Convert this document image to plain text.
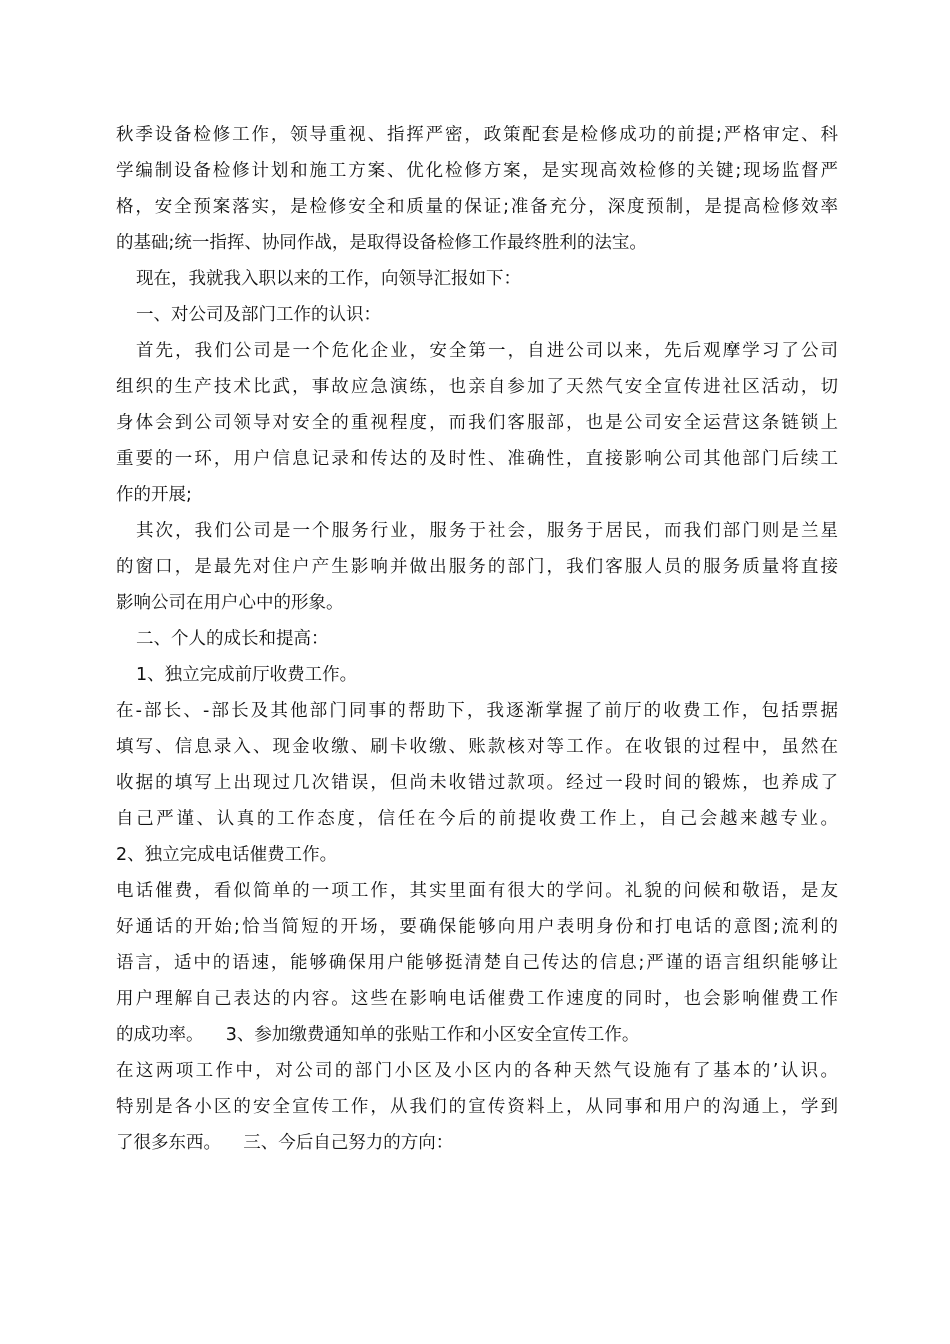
秋季设备检修工作，领导重视、指挥严密，政策配套是检修成功的前提;严格审定、科
学编制设备检修计划和施工方案、优化检修方案，是实现高效检修的关键;现场监督严
格，安全预案落实，是检修安全和质量的保证;准备充分，深度预制，是提高检修效率
的基础;统一指挥、协同作战，是取得设备检修工作最终胜利的法宝。
现在，我就我入职以来的工作，向领导汇报如下：
一、对公司及部门工作的认识：
首先，我们公司是一个危化企业，安全第一，自进公司以来，先后观摩学习了公司
组织的生产技术比武，事故应急演练，也亲自参加了天然气安全宣传进社区活动，切
身体会到公司领导对安全的重视程度，而我们客服部，也是公司安全运营这条链锁上
重要的一环，用户信息记录和传达的及时性、准确性，直接影响公司其他部门后续工
作的开展;
其次，我们公司是一个服务行业，服务于社会，服务于居民，而我们部门则是兰星
的窗口，是最先对住户产生影响并做出服务的部门，我们客服人员的服务质量将直接
影响公司在用户心中的形象。
二、个人的成长和提高：
1、独立完成前厅收费工作。
在-部长、-部长及其他部门同事的帮助下，我逐渐掌握了前厅的收费工作，包括票据
填写、信息录入、现金收缴、刷卡收缴、账款核对等工作。在收银的过程中，虽然在
收据的填写上出现过几次错误，但尚未收错过款项。经过一段时间的锻炼，也养成了
自己严谨、认真的工作态度，信任在今后的前提收费工作上，自己会越来越专业。
2、独立完成电话催费工作。
电话催费，看似简单的一项工作，其实里面有很大的学问。礼貌的问候和敬语，是友
好通话的开始;恰当简短的开场，要确保能够向用户表明身份和打电话的意图;流利的
语言，适中的语速，能够确保用户能够挺清楚自己传达的信息;严谨的语言组织能够让
用户理解自己表达的内容。这些在影响电话催费工作速度的同时，也会影响催费工作
的成功率。    3、参加缴费通知单的张贴工作和小区安全宣传工作。
在这两项工作中，对公司的部门小区及小区内的各种天然气设施有了基本的’认识。
特别是各小区的安全宣传工作，从我们的宣传资料上，从同事和用户的沟通上，学到
了很多东西。    三、今后自己努力的方向：
